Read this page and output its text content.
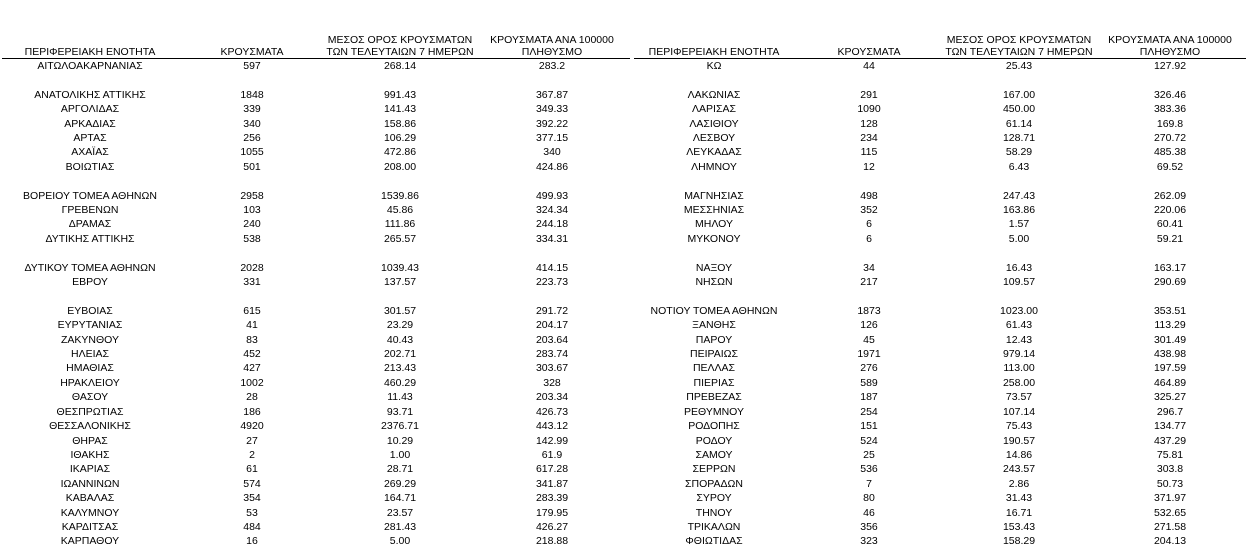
ΠΕΡΙΦΕΡΕΙΑΚΗ ΕΝΟΤΗΤΑ	ΚΡΟΥΣΜΑΤΑ	ΜΕΣΟΣ ΟΡΟΣ ΚΡΟΥΣΜΑΤΩΝ ΤΩΝ ΤΕΛΕΥΤΑΙΩΝ 7 ΗΜΕΡΩΝ	ΚΡΟΥΣΜΑΤΑ ΑΝΑ 100000 ΠΛΗΘΥΣΜΟ
ΑΙΤΩΛΟΑΚΑΡΝΑΝΙΑΣ	597	268.14	283.2

ΑΝΑΤΟΛΙΚΗΣ ΑΤΤΙΚΗΣ	1848	991.43	367.87
ΑΡΓΟΛΙΔΑΣ	339	141.43	349.33
ΑΡΚΑΔΙΑΣ	340	158.86	392.22
ΑΡΤΑΣ	256	106.29	377.15
ΑΧΑΪΑΣ	1055	472.86	340
ΒΟΙΩΤΙΑΣ	501	208.00	424.86

ΒΟΡΕΙΟΥ ΤΟΜΕΑ ΑΘΗΝΩΝ	2958	1539.86	499.93
ΓΡΕΒΕΝΩΝ	103	45.86	324.34
ΔΡΑΜΑΣ	240	111.86	244.18
ΔΥΤΙΚΗΣ ΑΤΤΙΚΗΣ	538	265.57	334.31

ΔΥΤΙΚΟΥ ΤΟΜΕΑ ΑΘΗΝΩΝ	2028	1039.43	414.15
ΕΒΡΟΥ	331	137.57	223.73

ΕΥΒΟΙΑΣ	615	301.57	291.72
ΕΥΡΥΤΑΝΙΑΣ	41	23.29	204.17
ΖΑΚΥΝΘΟΥ	83	40.43	203.64
ΗΛΕΙΑΣ	452	202.71	283.74
ΗΜΑΘΙΑΣ	427	213.43	303.67
ΗΡΑΚΛΕΙΟΥ	1002	460.29	328
ΘΑΣΟΥ	28	11.43	203.34
ΘΕΣΠΡΩΤΙΑΣ	186	93.71	426.73
ΘΕΣΣΑΛΟΝΙΚΗΣ	4920	2376.71	443.12
ΘΗΡΑΣ	27	10.29	142.99
ΙΘΑΚΗΣ	2	1.00	61.9
ΙΚΑΡΙΑΣ	61	28.71	617.28
ΙΩΑΝΝΙΝΩΝ	574	269.29	341.87
ΚΑΒΑΛΑΣ	354	164.71	283.39
ΚΑΛΥΜΝΟΥ	53	23.57	179.95
ΚΑΡΔΙΤΣΑΣ	484	281.43	426.27
ΚΑΡΠΑΘΟΥ	16	5.00	218.88
ΠΕΡΙΦΕΡΕΙΑΚΗ ΕΝΟΤΗΤΑ	ΚΡΟΥΣΜΑΤΑ	ΜΕΣΟΣ ΟΡΟΣ ΚΡΟΥΣΜΑΤΩΝ ΤΩΝ ΤΕΛΕΥΤΑΙΩΝ 7 ΗΜΕΡΩΝ	ΚΡΟΥΣΜΑΤΑ ΑΝΑ 100000 ΠΛΗΘΥΣΜΟ
ΚΩ	44	25.43	127.92

ΛΑΚΩΝΙΑΣ	291	167.00	326.46
ΛΑΡΙΣΑΣ	1090	450.00	383.36
ΛΑΣΙΘΙΟΥ	128	61.14	169.8
ΛΕΣΒΟΥ	234	128.71	270.72
ΛΕΥΚΑΔΑΣ	115	58.29	485.38
ΛΗΜΝΟΥ	12	6.43	69.52

ΜΑΓΝΗΣΙΑΣ	498	247.43	262.09
ΜΕΣΣΗΝΙΑΣ	352	163.86	220.06
ΜΗΛΟΥ	6	1.57	60.41
ΜΥΚΟΝΟΥ	6	5.00	59.21

ΝΑΞΟΥ	34	16.43	163.17
ΝΗΣΩΝ	217	109.57	290.69

ΝΟΤΙΟΥ ΤΟΜΕΑ ΑΘΗΝΩΝ	1873	1023.00	353.51
ΞΑΝΘΗΣ	126	61.43	113.29
ΠΑΡΟΥ	45	12.43	301.49
ΠΕΙΡΑΙΩΣ	1971	979.14	438.98
ΠΕΛΛΑΣ	276	113.00	197.59
ΠΙΕΡΙΑΣ	589	258.00	464.89
ΠΡΕΒΕΖΑΣ	187	73.57	325.27
ΡΕΘΥΜΝΟΥ	254	107.14	296.7
ΡΟΔΟΠΗΣ	151	75.43	134.77
ΡΟΔΟΥ	524	190.57	437.29
ΣΑΜΟΥ	25	14.86	75.81
ΣΕΡΡΩΝ	536	243.57	303.8
ΣΠΟΡΑΔΩΝ	7	2.86	50.73
ΣΥΡΟΥ	80	31.43	371.97
ΤΗΝΟΥ	46	16.71	532.65
ΤΡΙΚΑΛΩΝ	356	153.43	271.58
ΦΘΙΩΤΙΔΑΣ	323	158.29	204.13
